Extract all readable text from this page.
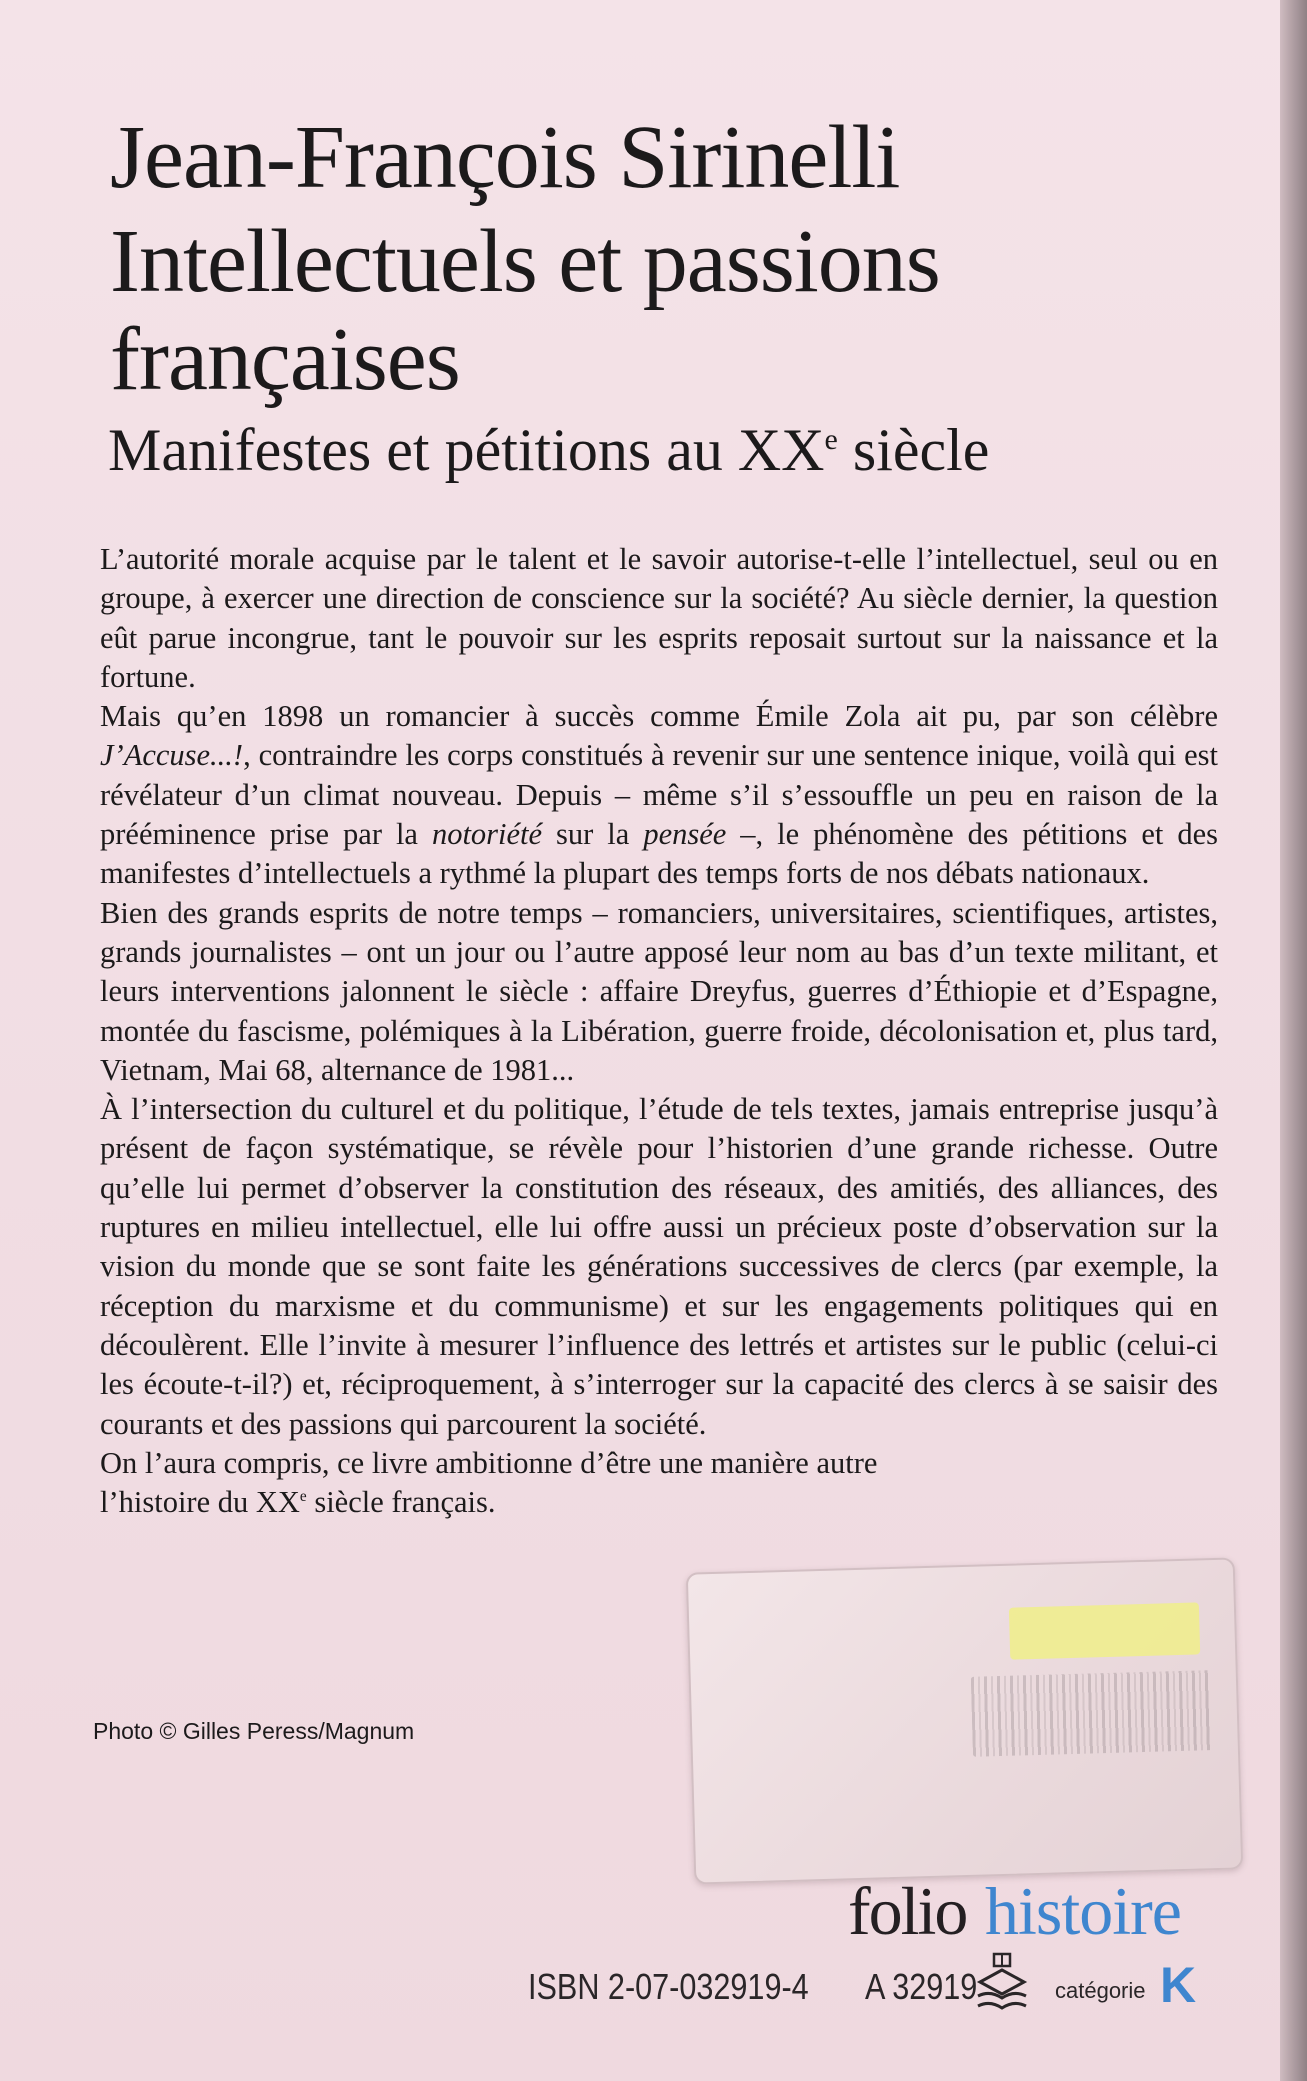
Jean-François Sirinelli
Intellectuels et passions
françaises
Manifestes et pétitions au XXe siècle

L’autorité morale acquise par le talent et le savoir autorise-t-elle l’intellectuel, seul ou en groupe, à exercer une direction de conscience sur la société? Au siècle dernier, la question eût parue incongrue, tant le pouvoir sur les esprits reposait surtout sur la naissance et la fortune.

Mais qu’en 1898 un romancier à succès comme Émile Zola ait pu, par son célèbre J’Accuse...!, contraindre les corps constitués à revenir sur une sentence inique, voilà qui est révélateur d’un climat nouveau. Depuis – même s’il s’essouffle un peu en raison de la prééminence prise par la notoriété sur la pensée –, le phénomène des pétitions et des manifestes d’intellectuels a rythmé la plupart des temps forts de nos débats nationaux.

Bien des grands esprits de notre temps – romanciers, universitaires, scientifiques, artistes, grands journalistes – ont un jour ou l’autre apposé leur nom au bas d’un texte militant, et leurs interventions jalonnent le siècle : affaire Dreyfus, guerres d’Éthiopie et d’Espagne, montée du fascisme, polémiques à la Libération, guerre froide, décolonisation et, plus tard, Vietnam, Mai 68, alternance de 1981...

À l’intersection du culturel et du politique, l’étude de tels textes, jamais entreprise jusqu’à présent de façon systématique, se révèle pour l’historien d’une grande richesse. Outre qu’elle lui permet d’observer la constitution des réseaux, des amitiés, des alliances, des ruptures en milieu intellectuel, elle lui offre aussi un précieux poste d’observation sur la vision du monde que se sont faite les générations successives de clercs (par exemple, la réception du marxisme et du communisme) et sur les engagements politiques qui en découlèrent. Elle l’invite à mesurer l’influence des lettrés et artistes sur le public (celui-ci les écoute-t-il?) et, réciproquement, à s’interroger sur la capacité des clercs à se saisir des courants et des passions qui parcourent la société.

On l’aura compris, ce livre ambitionne d’être une manière autre
l’histoire du XXe siècle français.

Photo © Gilles Peress/Magnum

folio histoire

ISBN 2-07-032919-4 A 32919	catégorie K
